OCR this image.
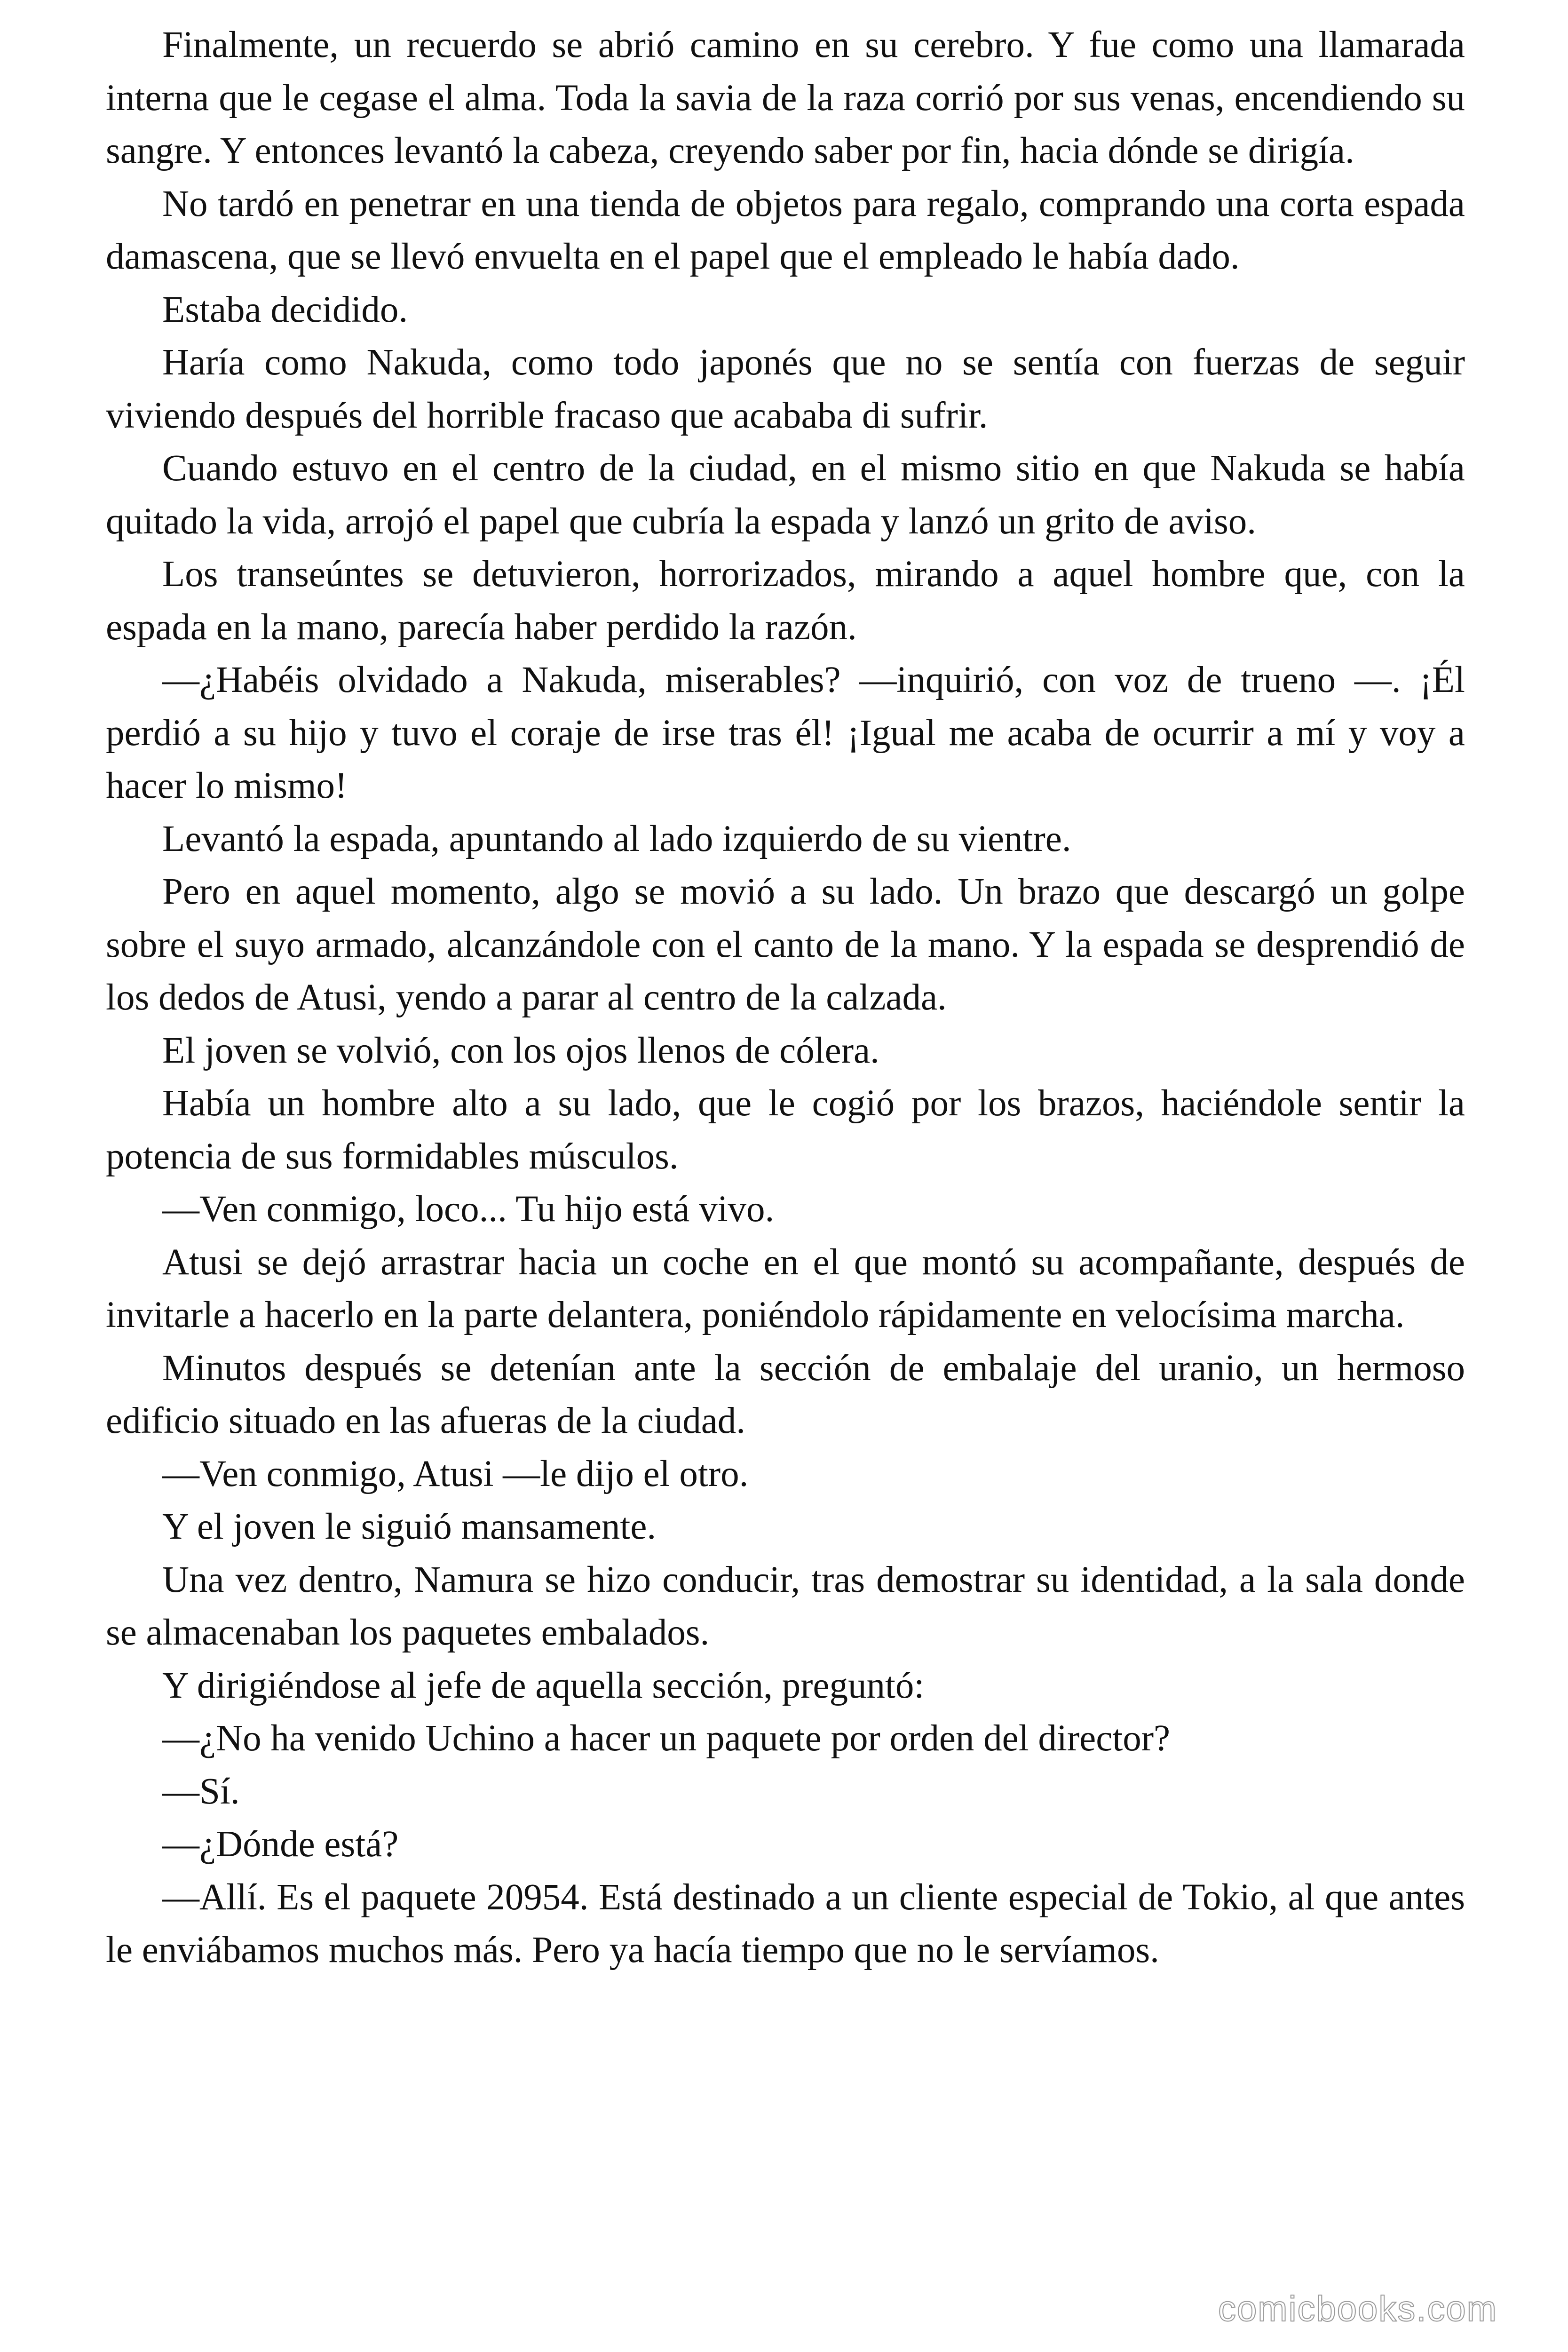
Finalmente, un recuerdo se abrió camino en su cerebro. Y fue como una llamarada interna que le cegase el alma. Toda la savia de la raza corrió por sus venas, encendiendo su sangre. Y entonces levantó la cabeza, creyendo saber por fin, hacia dónde se dirigía.

No tardó en penetrar en una tienda de objetos para regalo, comprando una corta espada damascena, que se llevó envuelta en el papel que el empleado le había dado.

Estaba decidido.

Haría como Nakuda, como todo japonés que no se sentía con fuerzas de seguir viviendo después del horrible fracaso que acababa di sufrir.

Cuando estuvo en el centro de la ciudad, en el mismo sitio en que Nakuda se había quitado la vida, arrojó el papel que cubría la espada y lanzó un grito de aviso.

Los transeúntes se detuvieron, horrorizados, mirando a aquel hombre que, con la espada en la mano, parecía haber perdido la razón.

—¿Habéis olvidado a Nakuda, miserables? —inquirió, con voz de trueno —. ¡Él perdió a su hijo y tuvo el coraje de irse tras él! ¡Igual me acaba de ocurrir a mí y voy a hacer lo mismo!

Levantó la espada, apuntando al lado izquierdo de su vientre.

Pero en aquel momento, algo se movió a su lado. Un brazo que descargó un golpe sobre el suyo armado, alcanzándole con el canto de la mano. Y la espada se desprendió de los dedos de Atusi, yendo a parar al centro de la calzada.

El joven se volvió, con los ojos llenos de cólera.

Había un hombre alto a su lado, que le cogió por los brazos, haciéndole sentir la potencia de sus formidables músculos.

—Ven conmigo, loco... Tu hijo está vivo.

Atusi se dejó arrastrar hacia un coche en el que montó su acompañante, después de invitarle a hacerlo en la parte delantera, poniéndolo rápidamente en velocísima marcha.

Minutos después se detenían ante la sección de embalaje del uranio, un hermoso edificio situado en las afueras de la ciudad.

—Ven conmigo, Atusi —le dijo el otro.

Y el joven le siguió mansamente.

Una vez dentro, Namura se hizo conducir, tras demostrar su identidad, a la sala donde se almacenaban los paquetes embalados.

Y dirigiéndose al jefe de aquella sección, preguntó:

—¿No ha venido Uchino a hacer un paquete por orden del director?

—Sí.

—¿Dónde está?

—Allí. Es el paquete 20954. Está destinado a un cliente especial de Tokio, al que antes le enviábamos muchos más. Pero ya hacía tiempo que no le servíamos.

comicbooks.com
